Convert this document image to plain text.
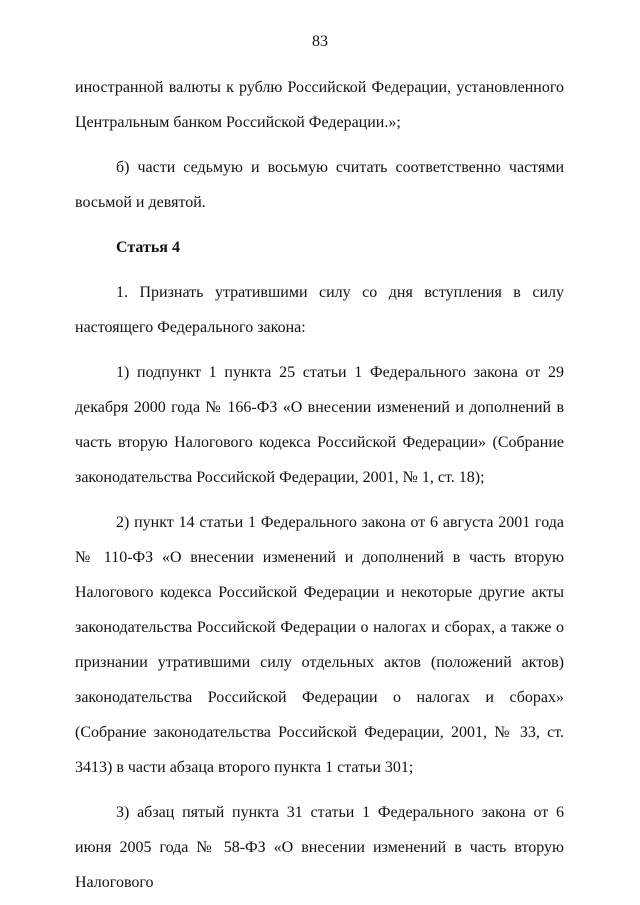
83

иностранной валюты к рублю Российской Федерации, установленного Центральным банком Российской Федерации.»;

б) части седьмую и восьмую считать соответственно частями восьмой и девятой.

Статья 4

1. Признать утратившими силу со дня вступления в силу настоящего Федерального закона:

1) подпункт 1 пункта 25 статьи 1 Федерального закона от 29 декабря 2000 года № 166-ФЗ «О внесении изменений и дополнений в часть вторую Налогового кодекса Российской Федерации» (Собрание законодательства Российской Федерации, 2001, № 1, ст. 18);

2) пункт 14 статьи 1 Федерального закона от 6 августа 2001 года № 110-ФЗ «О внесении изменений и дополнений в часть вторую Налогового кодекса Российской Федерации и некоторые другие акты законодательства Российской Федерации о налогах и сборах, а также о признании утратившими силу отдельных актов (положений актов) законодательства Российской Федерации о налогах и сборах» (Собрание законодательства Российской Федерации, 2001, № 33, ст. 3413) в части абзаца второго пункта 1 статьи 301;

3) абзац пятый пункта 31 статьи 1 Федерального закона от 6 июня 2005 года № 58-ФЗ «О внесении изменений в часть вторую Налогового
